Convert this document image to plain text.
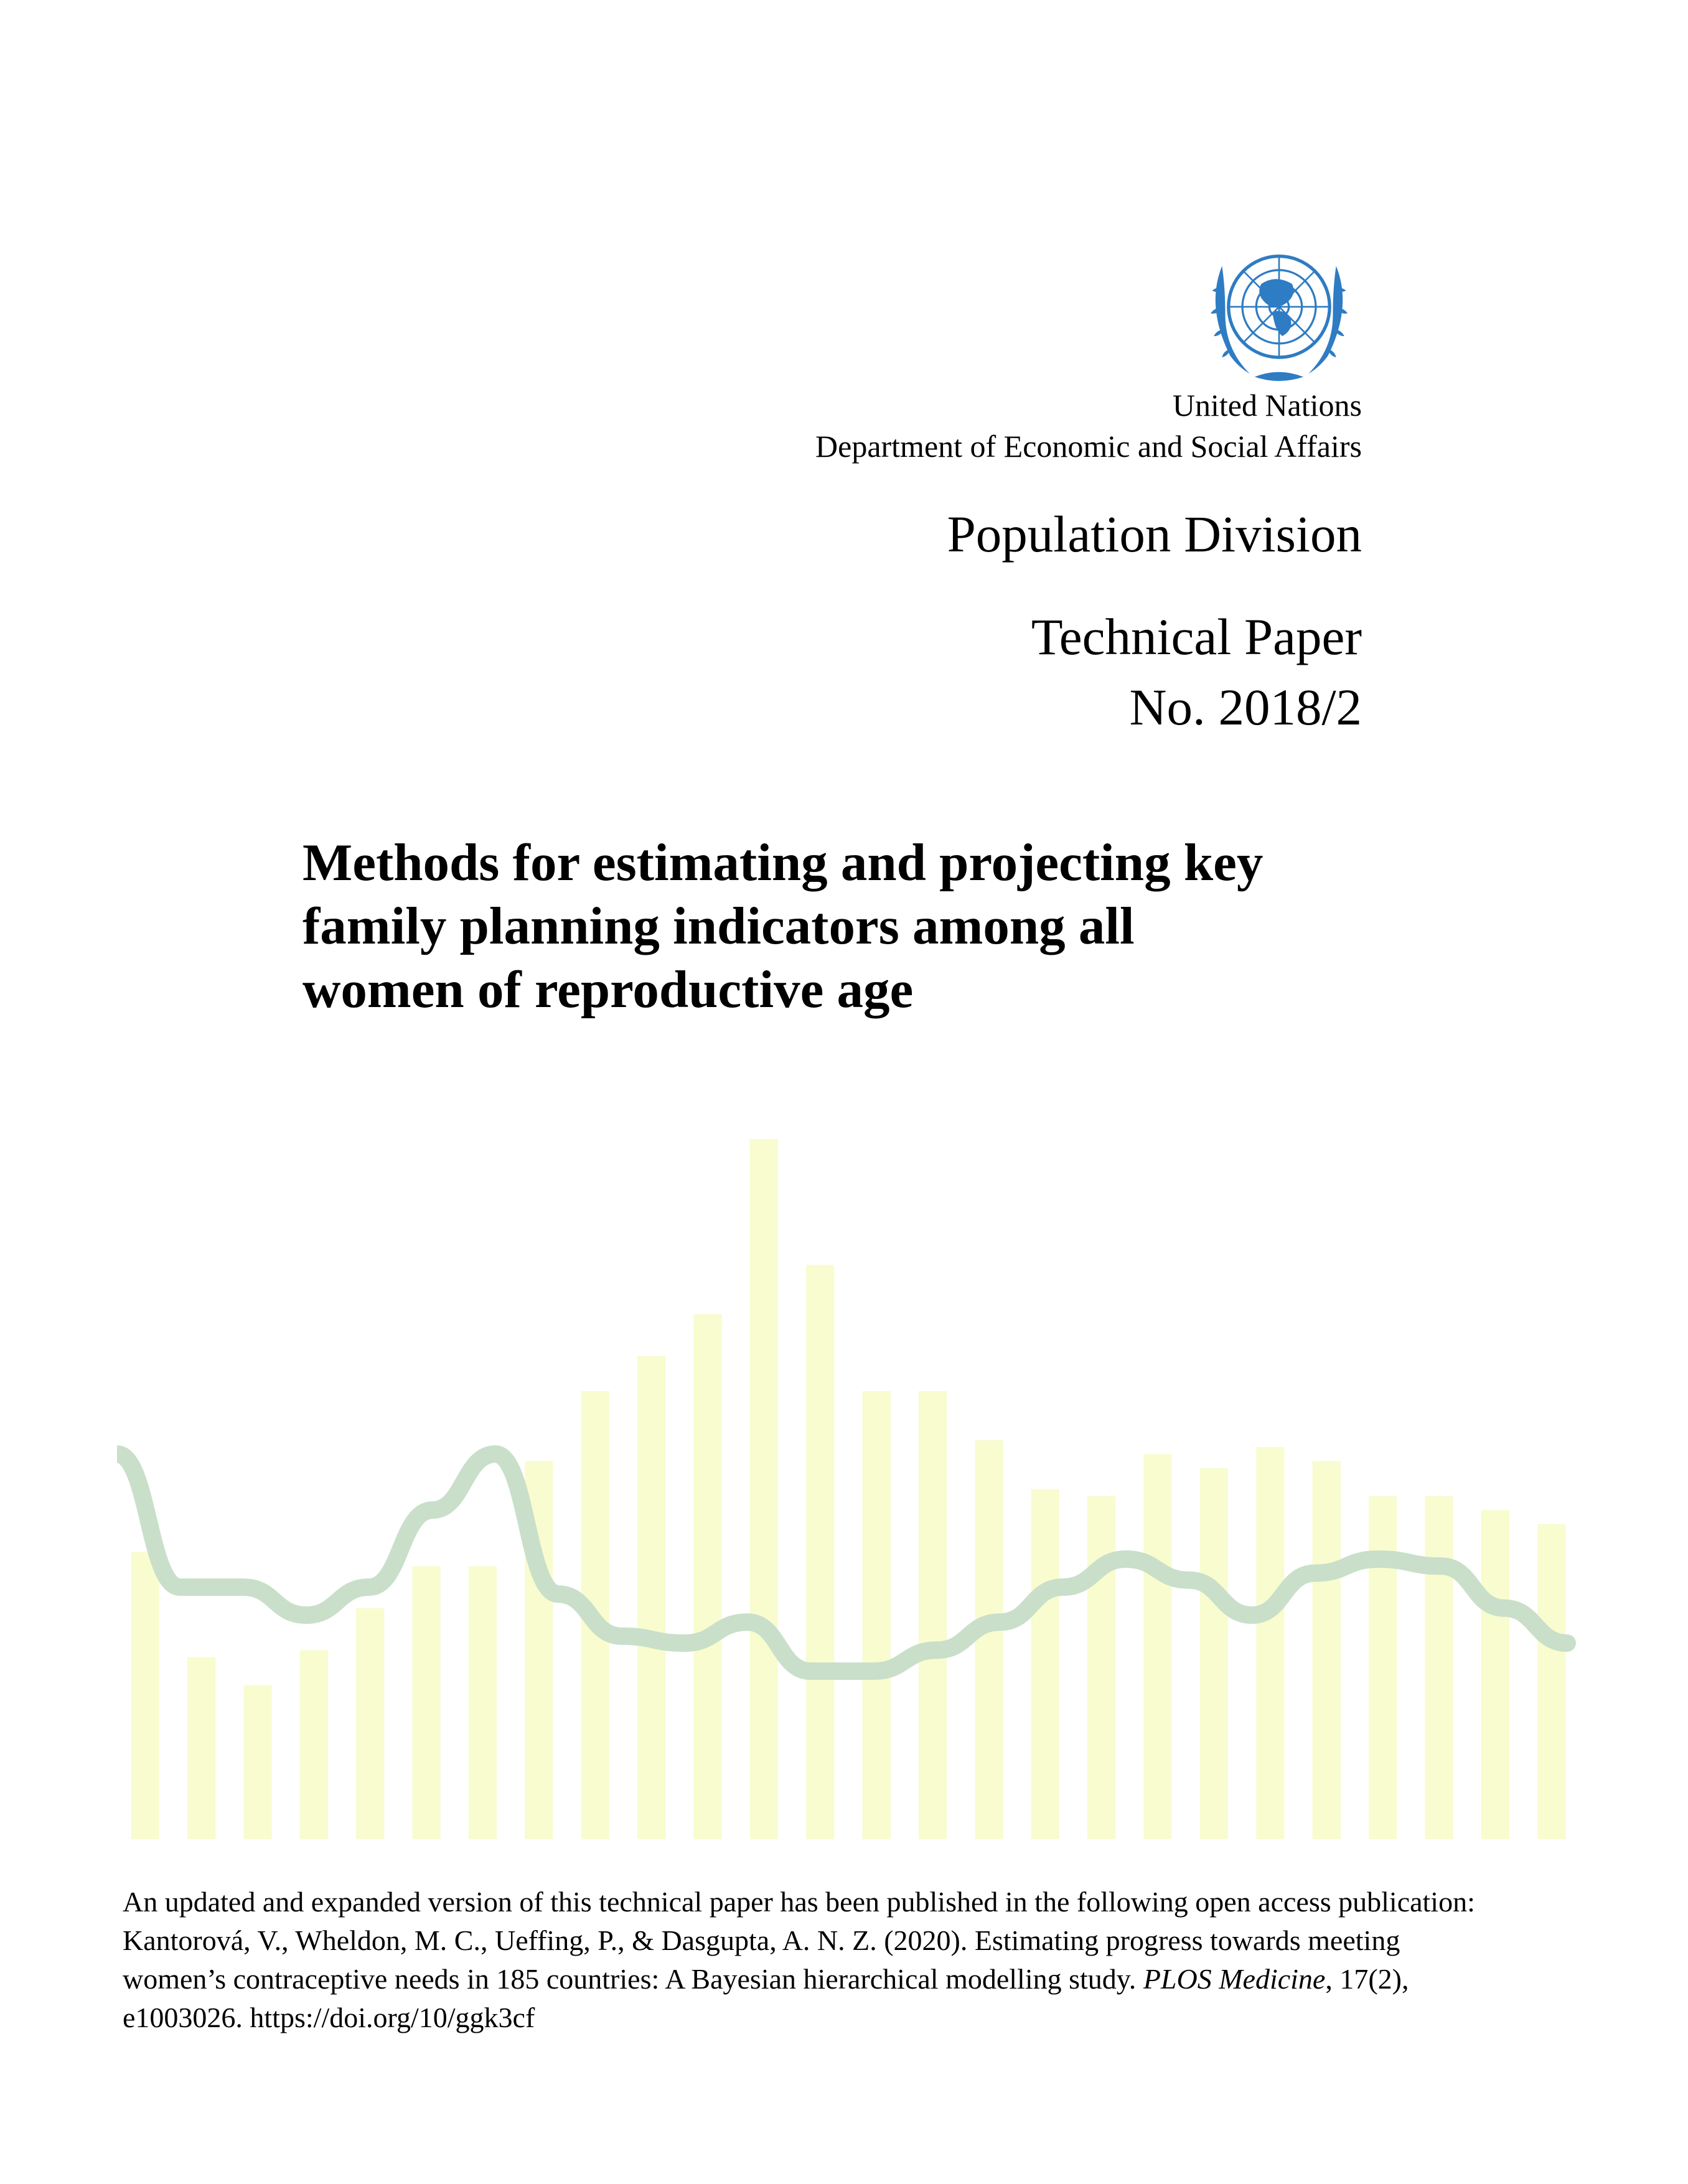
United Nations
Department of Economic and Social Affairs
Population Division
Technical Paper
No. 2018/2
Methods for estimating and projecting key
family planning indicators among all
women of reproductive age
An updated and expanded version of this technical paper has been published in the following open access publication:
Kantorová, V., Wheldon, M. C., Ueffing, P., & Dasgupta, A. N. Z. (2020). Estimating progress towards meeting
women’s contraceptive needs in 185 countries: A Bayesian hierarchical modelling study. PLOS Medicine, 17(2),
e1003026. https://doi.org/10/ggk3cf
